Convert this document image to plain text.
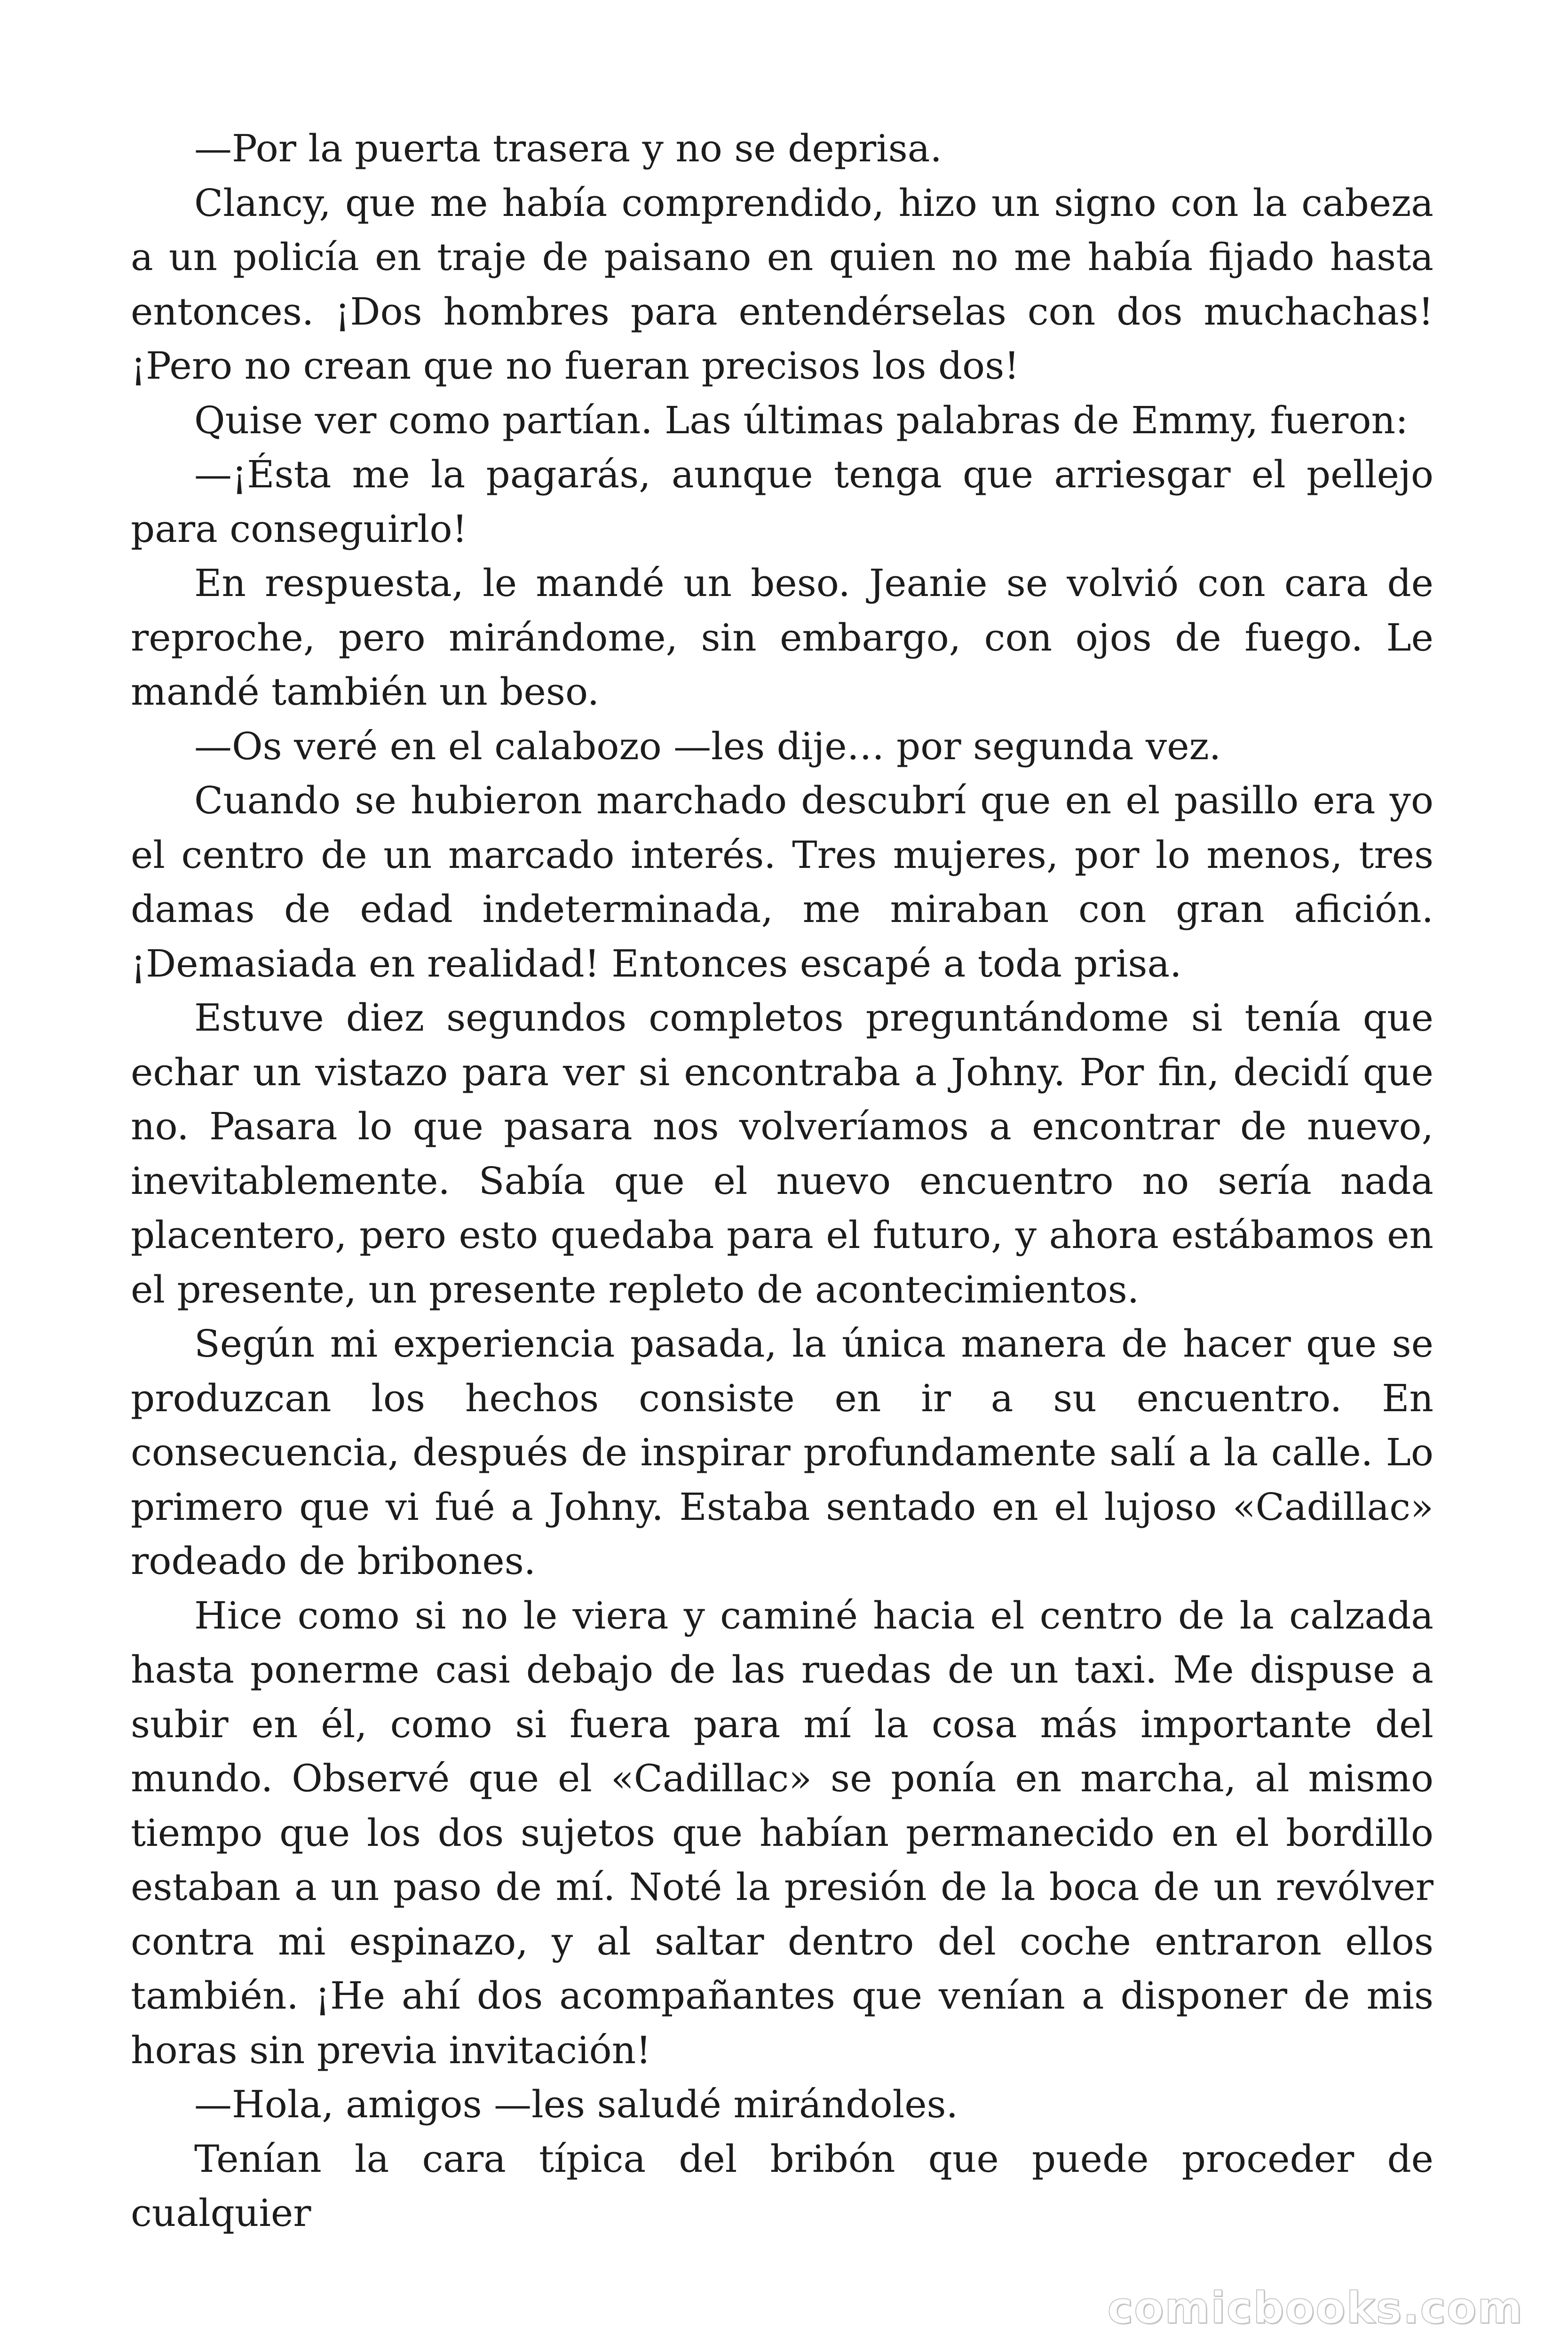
—Por la puerta trasera y no se deprisa.

Clancy, que me había comprendido, hizo un signo con la cabeza a un policía en traje de paisano en quien no me había fijado hasta entonces. ¡Dos hombres para entendérselas con dos muchachas! ¡Pero no crean que no fueran precisos los dos!

Quise ver como partían. Las últimas palabras de Emmy, fueron:

—¡Ésta me la pagarás, aunque tenga que arriesgar el pellejo para conseguirlo!

En respuesta, le mandé un beso. Jeanie se volvió con cara de reproche, pero mirándome, sin embargo, con ojos de fuego. Le mandé también un beso.

—Os veré en el calabozo —les dije… por segunda vez.

Cuando se hubieron marchado descubrí que en el pasillo era yo el centro de un marcado interés. Tres mujeres, por lo menos, tres damas de edad indeterminada, me miraban con gran afición. ¡Demasiada en realidad! Entonces escapé a toda prisa.

Estuve diez segundos completos preguntándome si tenía que echar un vistazo para ver si encontraba a Johny. Por fin, decidí que no. Pasara lo que pasara nos volveríamos a encontrar de nuevo, inevitablemente. Sabía que el nuevo encuentro no sería nada placentero, pero esto quedaba para el futuro, y ahora estábamos en el presente, un presente repleto de acontecimientos.

Según mi experiencia pasada, la única manera de hacer que se produzcan los hechos consiste en ir a su encuentro. En consecuencia, después de inspirar profundamente salí a la calle. Lo primero que vi fué a Johny. Estaba sentado en el lujoso «Cadillac» rodeado de bribones.

Hice como si no le viera y caminé hacia el centro de la calzada hasta ponerme casi debajo de las ruedas de un taxi. Me dispuse a subir en él, como si fuera para mí la cosa más importante del mundo. Observé que el «Cadillac» se ponía en marcha, al mismo tiempo que los dos sujetos que habían permanecido en el bordillo estaban a un paso de mí. Noté la presión de la boca de un revólver contra mi espinazo, y al saltar dentro del coche entraron ellos también. ¡He ahí dos acompañantes que venían a disponer de mis horas sin previa invitación!

—Hola, amigos —les saludé mirándoles.

Tenían la cara típica del bribón que puede proceder de cualquier

comicbooks.com
